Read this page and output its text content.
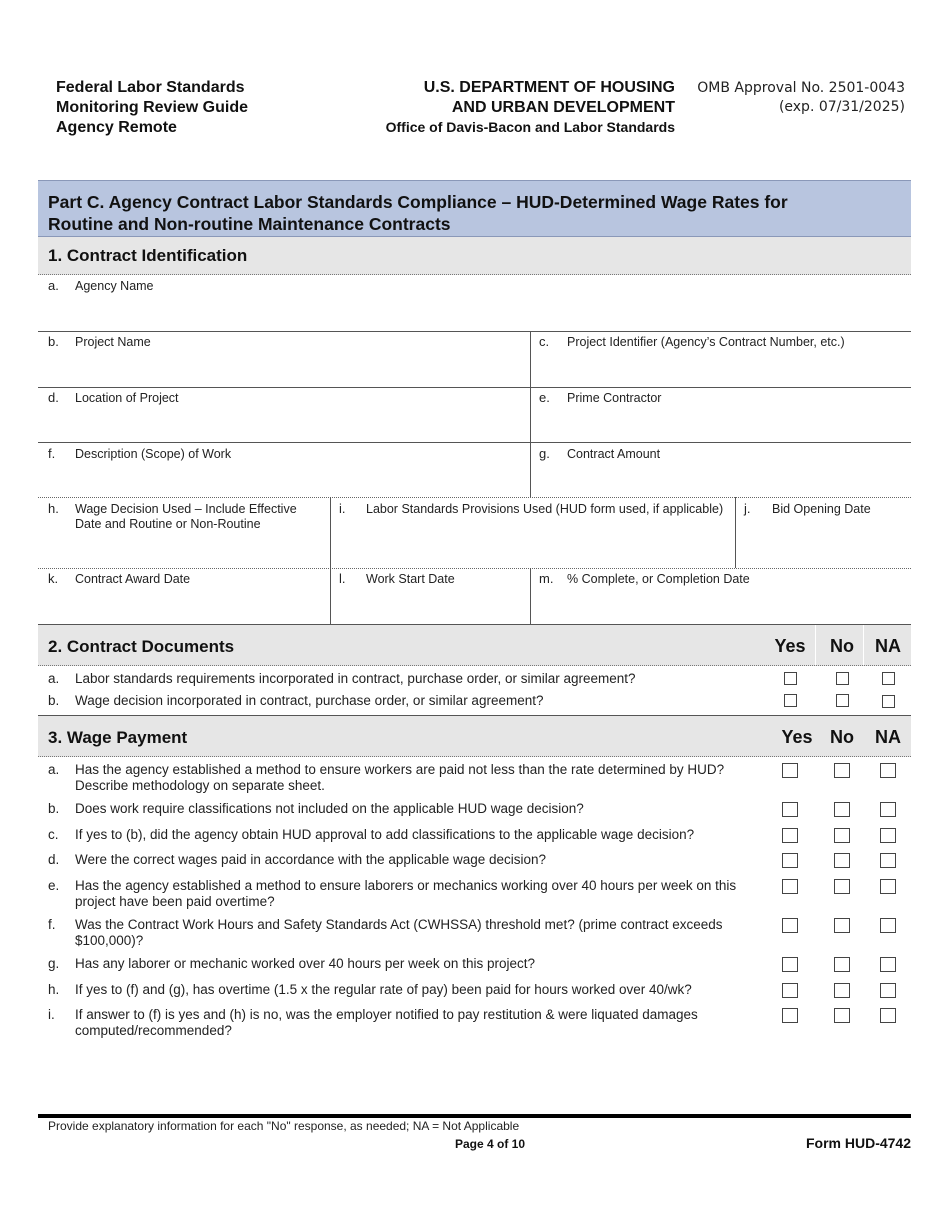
Federal Labor Standards
Monitoring Review Guide
Agency Remote
U.S. DEPARTMENT OF HOUSING
AND URBAN DEVELOPMENT
Office of Davis-Bacon and Labor Standards
OMB Approval No. 2501-0043
(exp. 07/31/2025)
Part C. Agency Contract Labor Standards Compliance – HUD-Determined Wage Rates for
Routine and Non-routine Maintenance Contracts
1. Contract Identification
a. Agency Name
b. Project Name	c. Project Identifier (Agency’s Contract Number, etc.)
d. Location of Project	e. Prime Contractor
f. Description (Scope) of Work	g. Contract Amount
h. Wage Decision Used – Include Effective
Date and Routine or Non-Routine
i. Labor Standards Provisions Used (HUD form used, if applicable) j. Bid Opening Date
k. Contract Award Date	l. Work Start Date	m. % Complete, or Completion Date
2. Contract Documents	Yes	No	NA
a. Labor standards requirements incorporated in contract, purchase order, or similar agreement?
b. Wage decision incorporated in contract, purchase order, or similar agreement?
3. Wage Payment	Yes No	NA
a. Has the agency established a method to ensure workers are paid not less than the rate determined by HUD? Describe methodology on separate sheet.
b. Does work require classifications not included on the applicable HUD wage decision?
c. If yes to (b), did the agency obtain HUD approval to add classifications to the applicable wage decision?
d. Were the correct wages paid in accordance with the applicable wage decision?
e. Has the agency established a method to ensure laborers or mechanics working over 40 hours per week on this project have been paid overtime?
f. Was the Contract Work Hours and Safety Standards Act (CWHSSA) threshold met? (prime contract exceeds $100,000)?
g. Has any laborer or mechanic worked over 40 hours per week on this project?
h. If yes to (f) and (g), has overtime (1.5 x the regular rate of pay) been paid for hours worked over 40/wk?
i. If answer to (f) is yes and (h) is no, was the employer notified to pay restitution & were liquated damages computed/recommended?
Provide explanatory information for each "No" response, as needed; NA = Not Applicable
Page 4 of 10	Form HUD-4742
